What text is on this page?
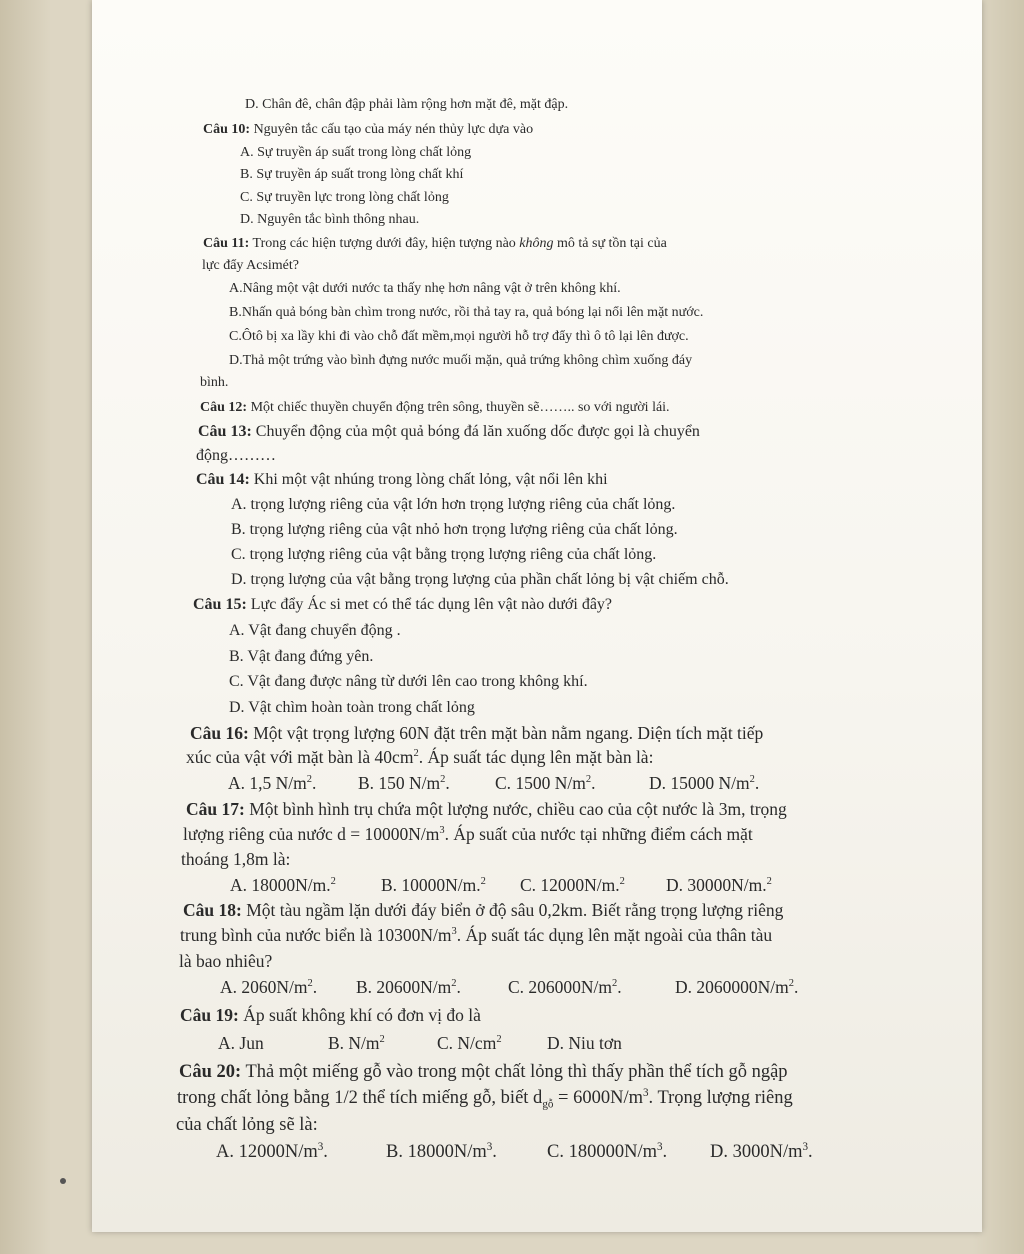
D. Chân đê, chân đập phải làm rộng hơn mặt đê, mặt đập.
Câu 10: Nguyên tắc cấu tạo của máy nén thủy lực dựa vào
A. Sự truyền áp suất trong lòng chất lỏng
B. Sự truyền áp suất trong lòng chất khí
C. Sự truyền lực trong lòng chất lỏng
D. Nguyên tắc bình thông nhau.
Câu 11: Trong các hiện tượng dưới đây, hiện tượng nào không mô tả sự tồn tại của
lực đẩy Acsimét?
A.Nâng một vật dưới nước ta thấy nhẹ hơn nâng vật ở trên không khí.
B.Nhấn quả bóng bàn chìm trong nước, rồi thả tay ra, quả bóng lại nổi lên mặt nước.
C.Ôtô bị xa lầy khi đi vào chỗ đất mềm,mọi người hỗ trợ đẩy thì ô tô lại lên được.
D.Thả một trứng vào bình đựng nước muối mặn, quả trứng không chìm xuống đáy
bình.
Câu 12: Một chiếc thuyền chuyển động trên sông, thuyền sẽ…….. so với người lái.
Câu 13: Chuyển động của một quả bóng đá lăn xuống dốc được gọi là chuyển
động………
Câu 14: Khi một vật nhúng trong lòng chất lỏng, vật nổi lên khi
A. trọng lượng riêng của vật lớn hơn trọng lượng riêng của chất lỏng.
B. trọng lượng riêng của vật nhỏ hơn trọng lượng riêng của chất lỏng.
C. trọng lượng riêng của vật bằng trọng lượng riêng của chất lỏng.
D. trọng lượng của vật bằng trọng lượng của phần chất lỏng bị vật chiếm chỗ.
Câu 15: Lực đẩy Ác si met có thể tác dụng lên vật nào dưới đây?
A. Vật đang chuyển động .
B. Vật đang đứng yên.
C. Vật đang được nâng từ dưới lên cao trong không khí.
D. Vật chìm hoàn toàn trong chất lỏng
Câu 16: Một vật trọng lượng 60N đặt trên mặt bàn nằm ngang. Diện tích mặt tiếp
xúc của vật với mặt bàn là $40cm^2$. Áp suất tác dụng lên mặt bàn là:
A. 1,5 $N/m^2$. B. 150 $N/m^2$.	C. 1500 $N/m^2$.	D. 15000 $N/m^2$.
Câu 17: Một bình hình trụ chứa một lượng nước, chiều cao của cột nước là 3m, trọng
lượng riêng của nước $d = 10000N/m^3$. Áp suất của nước tại những điểm cách mặt
thoáng 1,8m là:
A. 18000N/m.$^2$	B. 10000N/m.$^2$ C. 12000N/m.$^2$ D. 30000N/m.$^2$
Câu 18: Một tàu ngầm lặn dưới đáy biển ở độ sâu 0,2km. Biết rằng trọng lượng riêng
trung bình của nước biển là $10300N/m^3$. Áp suất tác dụng lên mặt ngoài của thân tàu
là bao nhiêu?
A. $2060N/m^2$. B. $20600N/m^2$.	C. $206000N/m^2$.	D. $2060000N/m^2$.
Câu 19: Áp suất không khí có đơn vị đo là
A. Jun	B. $N/m^2$	C. $N/cm^2$	D. Niu tơn
Câu 20: Thả một miếng gỗ vào trong một chất lỏng thì thấy phần thể tích gỗ ngập
trong chất lỏng bằng 1/2 thể tích miếng gỗ, biết $d_{gỗ} = 6000N/m^3$. Trọng lượng riêng
của chất lỏng sẽ là:
A. $12000N/m^3$.	B. $18000N/m^3$.	C. $180000N/m^3$. D. $3000N/m^3$.
